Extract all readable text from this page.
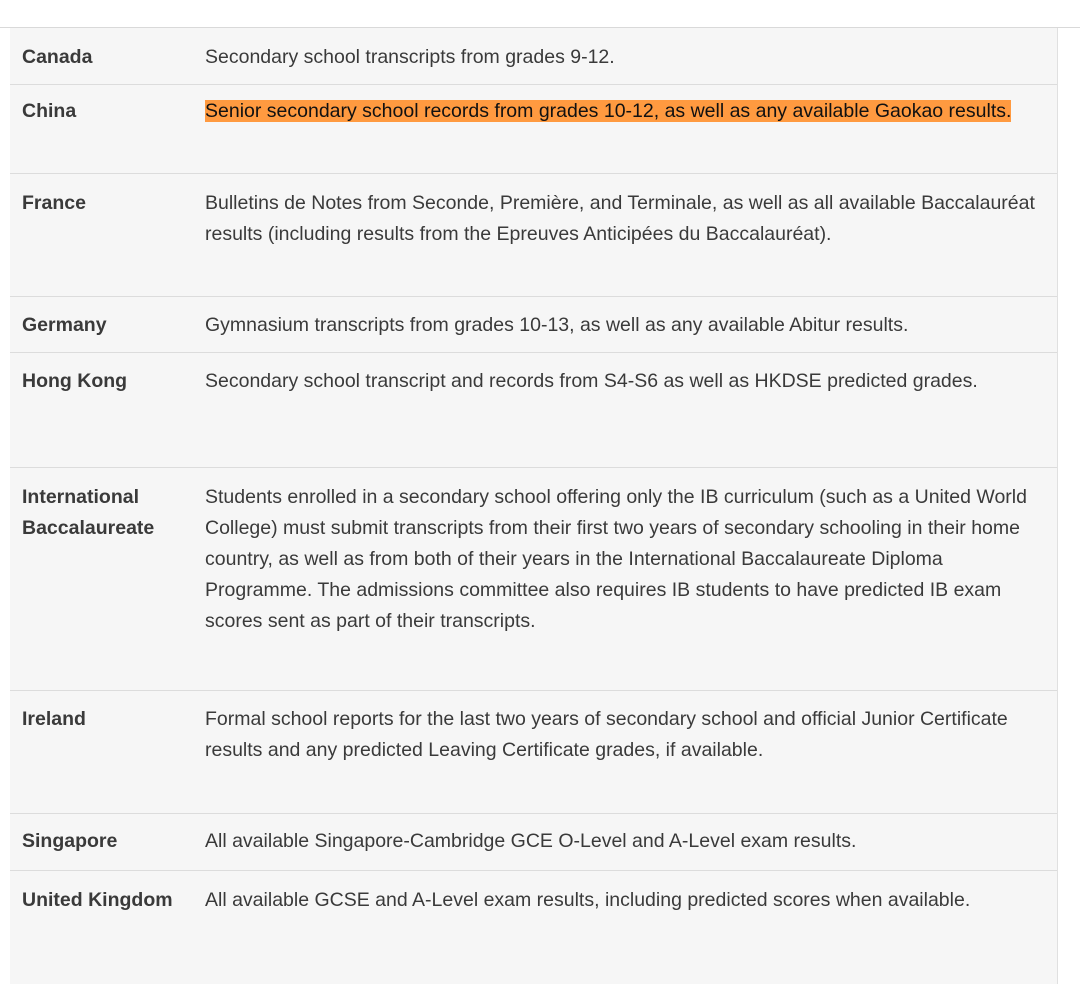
Canada	Secondary school transcripts from grades 9-12.
China	Senior secondary school records from grades 10-12, as well as any available Gaokao results.
France	Bulletins de Notes from Seconde, Première, and Terminale, as well as all available Baccalauréat results (including results from the Epreuves Anticipées du Baccalauréat).
Germany	Gymnasium transcripts from grades 10-13, as well as any available Abitur results.
Hong Kong	Secondary school transcript and records from S4-S6 as well as HKDSE predicted grades.
International Baccalaureate	Students enrolled in a secondary school offering only the IB curriculum (such as a United World College) must submit transcripts from their first two years of secondary schooling in their home country, as well as from both of their years in the International Baccalaureate Diploma Programme. The admissions committee also requires IB students to have predicted IB exam scores sent as part of their transcripts.
Ireland	Formal school reports for the last two years of secondary school and official Junior Certificate results and any predicted Leaving Certificate grades, if available.
Singapore	All available Singapore-Cambridge GCE O-Level and A-Level exam results.
United Kingdom	All available GCSE and A-Level exam results, including predicted scores when available.
